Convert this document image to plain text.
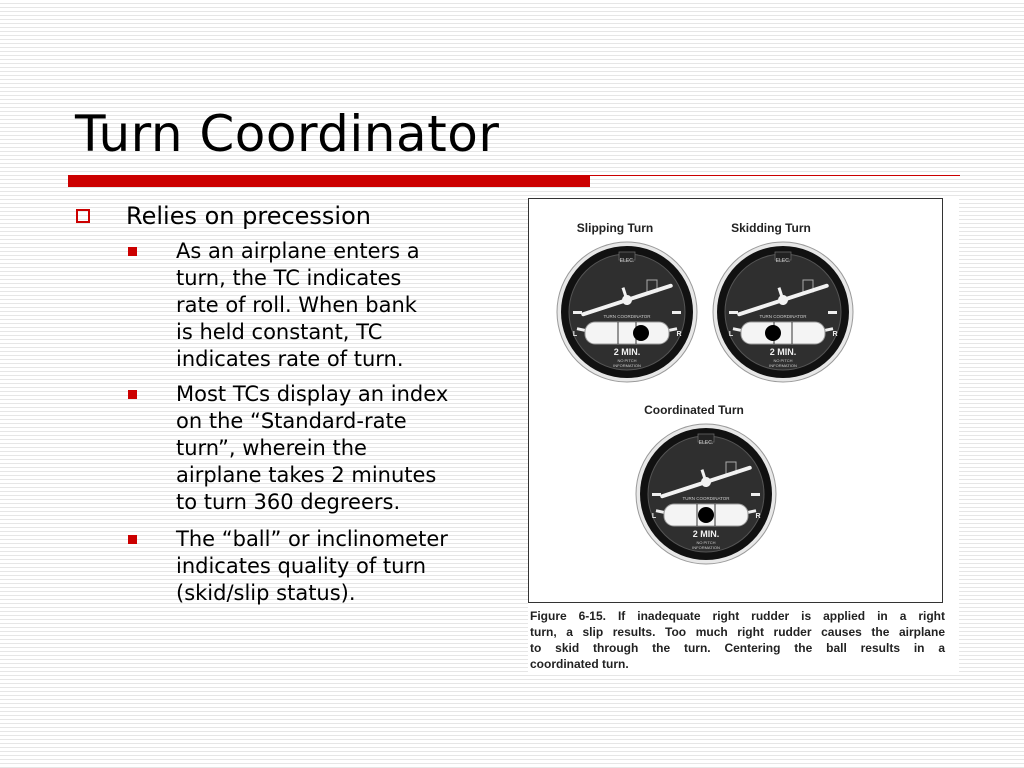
Turn Coordinator
Relies on precession
As an airplane enters a
turn, the TC indicates
rate of roll. When bank
is held constant, TC
indicates rate of turn.
Most TCs display an index
on the “Standard-rate
turn”, wherein the
airplane takes 2 minutes
to turn 360 degreers.
The “ball” or inclinometer
indicates quality of turn
(skid/slip status).
Slipping Turn
ELEC.
TURN COORDINATOR
L	R
2 MIN.
NO PITCH
INFORMATION
Skidding Turn
ELEC.
TURN COORDINATOR
L	R
2 MIN.
NO PITCH
INFORMATION
Coordinated Turn
ELEC.
TURN COORDINATOR
L	R
2 MIN.
NO PITCH
INFORMATION
Figure 6-15. If inadequate right rudder is applied in a right
turn, a slip results. Too much right rudder causes the airplane
to skid through the turn. Centering the ball results in a
coordinated turn.
